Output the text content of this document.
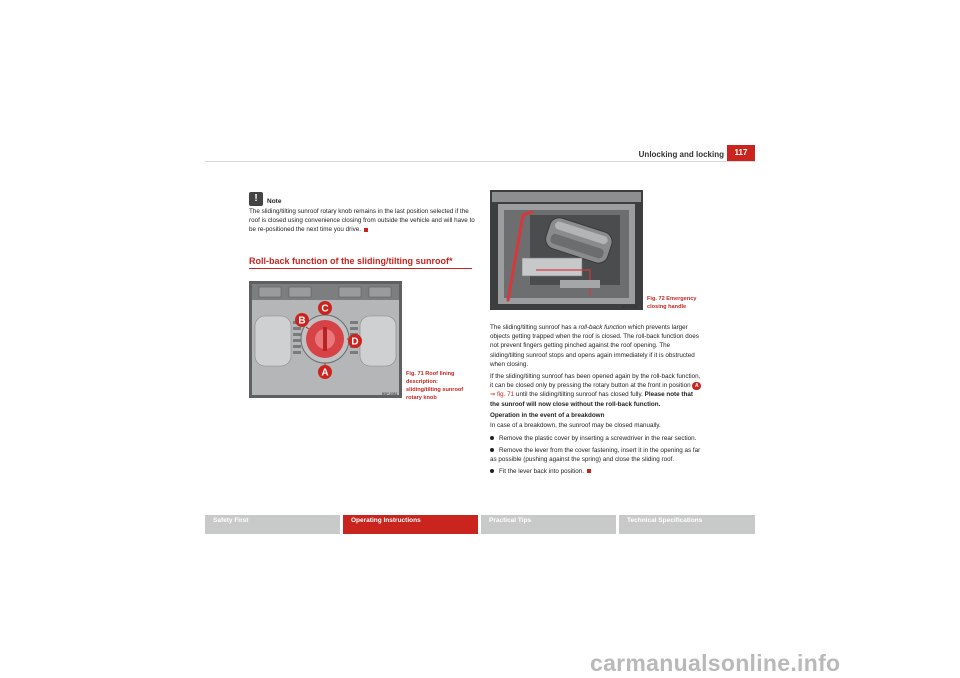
Unlocking and locking	117
!	Note
The sliding/tilting sunroof rotary knob remains in the last position selected if the roof is closed using convenience closing from outside the vehicle and will have to be re-positioned the next time you drive.
Roll-back function of the sliding/tilting sunroof*
C
B
D
A
B5P-0081
Fig. 71 Roof lining
description:
sliding/tilting sunroof
rotary knob
B5P-0138
Fig. 72 Emergency
closing handle
The sliding/tilting sunroof has a roll-back function which prevents larger
objects getting trapped when the roof is closed. The roll-back function does
not prevent fingers getting pinched against the roof opening. The
sliding/tilting sunroof stops and opens again immediately if it is obstructed
when closing.
If the sliding/tilting sunroof has been opened again by the roll-back function,
it can be closed only by pressing the rotary button at the front in position A
⇒ fig. 71 until the sliding/tilting sunroof has closed fully. Please note that
the sunroof will now close without the roll-back function.
Operation in the event of a breakdown
In case of a breakdown, the sunroof may be closed manually.
Remove the plastic cover by inserting a screwdriver in the rear section.
Remove the lever from the cover fastening, insert it in the opening as far
as possible (pushing against the spring) and close the sliding roof.
Fit the lever back into position.
Safety First	Operating Instructions	Practical Tips	Technical Specifications
carmanualsonline.info
